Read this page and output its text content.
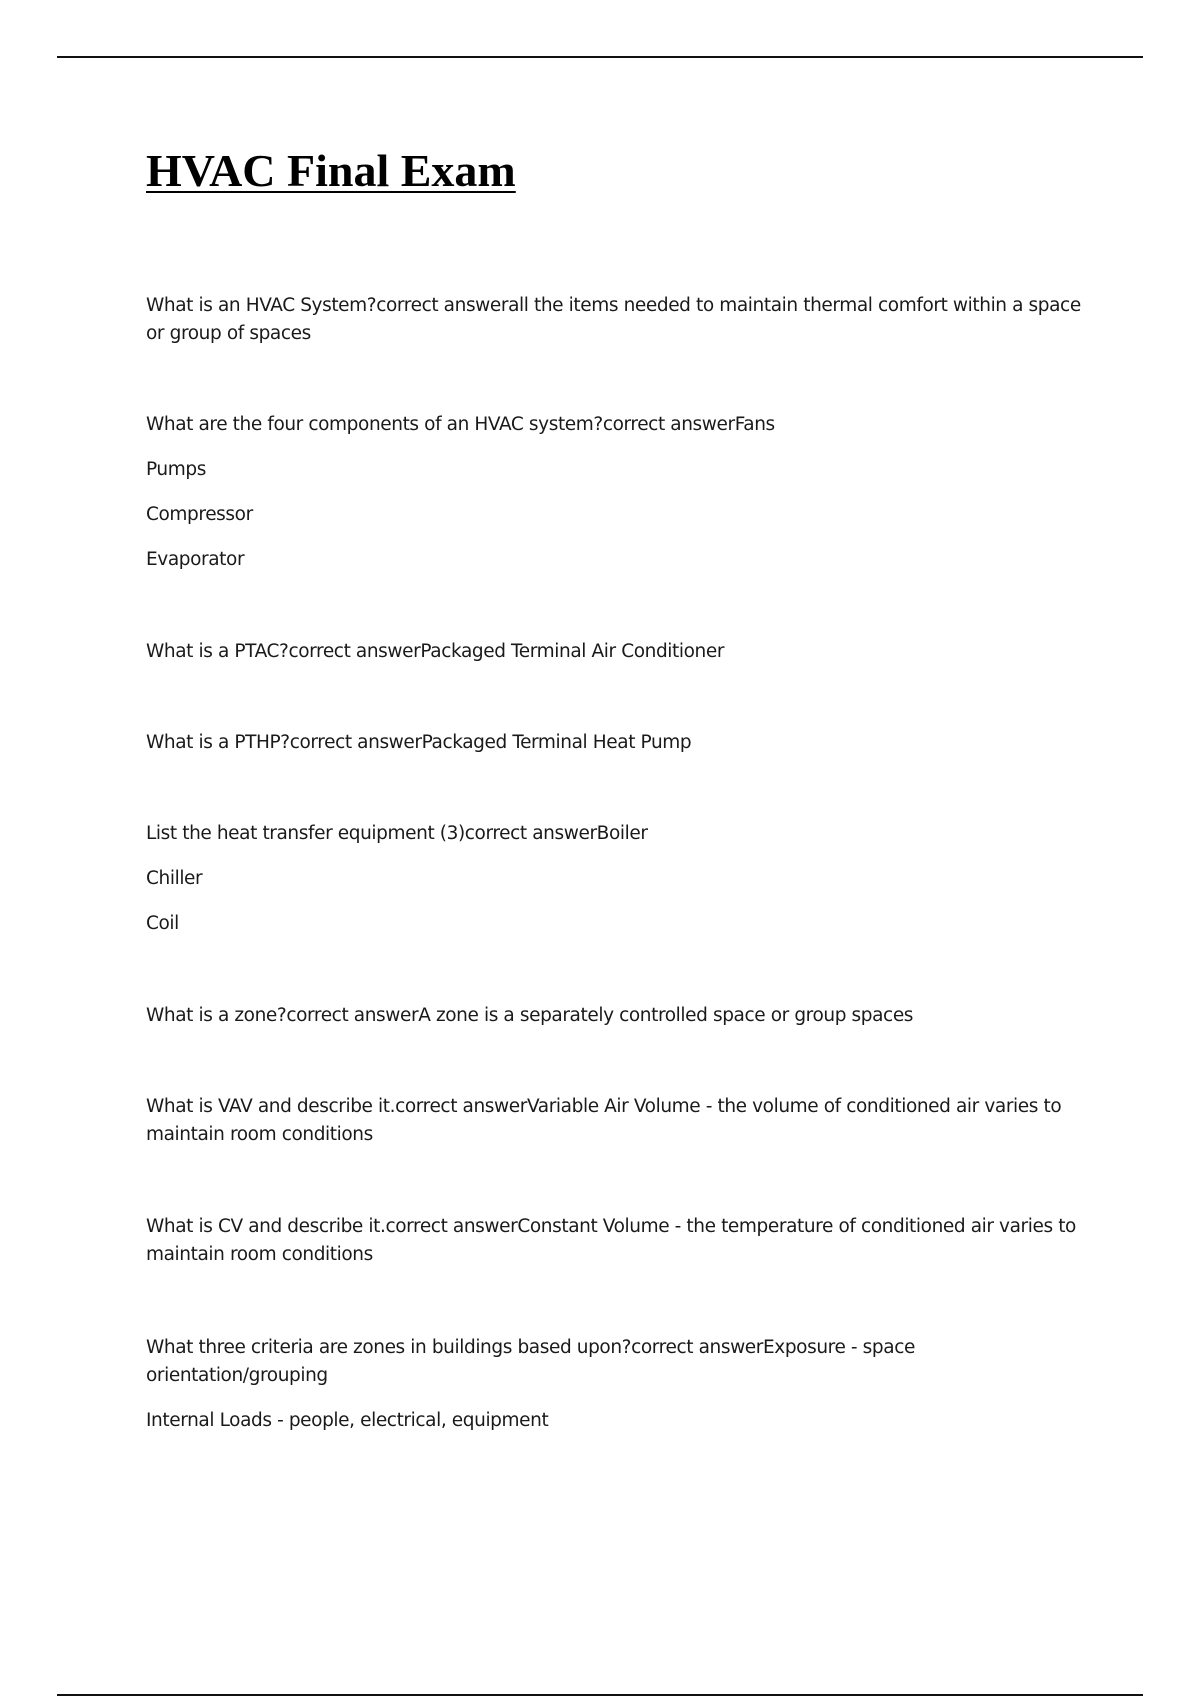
HVAC Final Exam

What is an HVAC System?correct answerall the items needed to maintain thermal comfort within a space or group of spaces

What are the four components of an HVAC system?correct answerFans

Pumps

Compressor

Evaporator

What is a PTAC?correct answerPackaged Terminal Air Conditioner

What is a PTHP?correct answerPackaged Terminal Heat Pump

List the heat transfer equipment (3)correct answerBoiler

Chiller

Coil

What is a zone?correct answerA zone is a separately controlled space or group spaces

What is VAV and describe it.correct answerVariable Air Volume - the volume of conditioned air varies to maintain room conditions

What is CV and describe it.correct answerConstant Volume - the temperature of conditioned air varies to maintain room conditions

What three criteria are zones in buildings based upon?correct answerExposure - space orientation/grouping

Internal Loads - people, electrical, equipment
